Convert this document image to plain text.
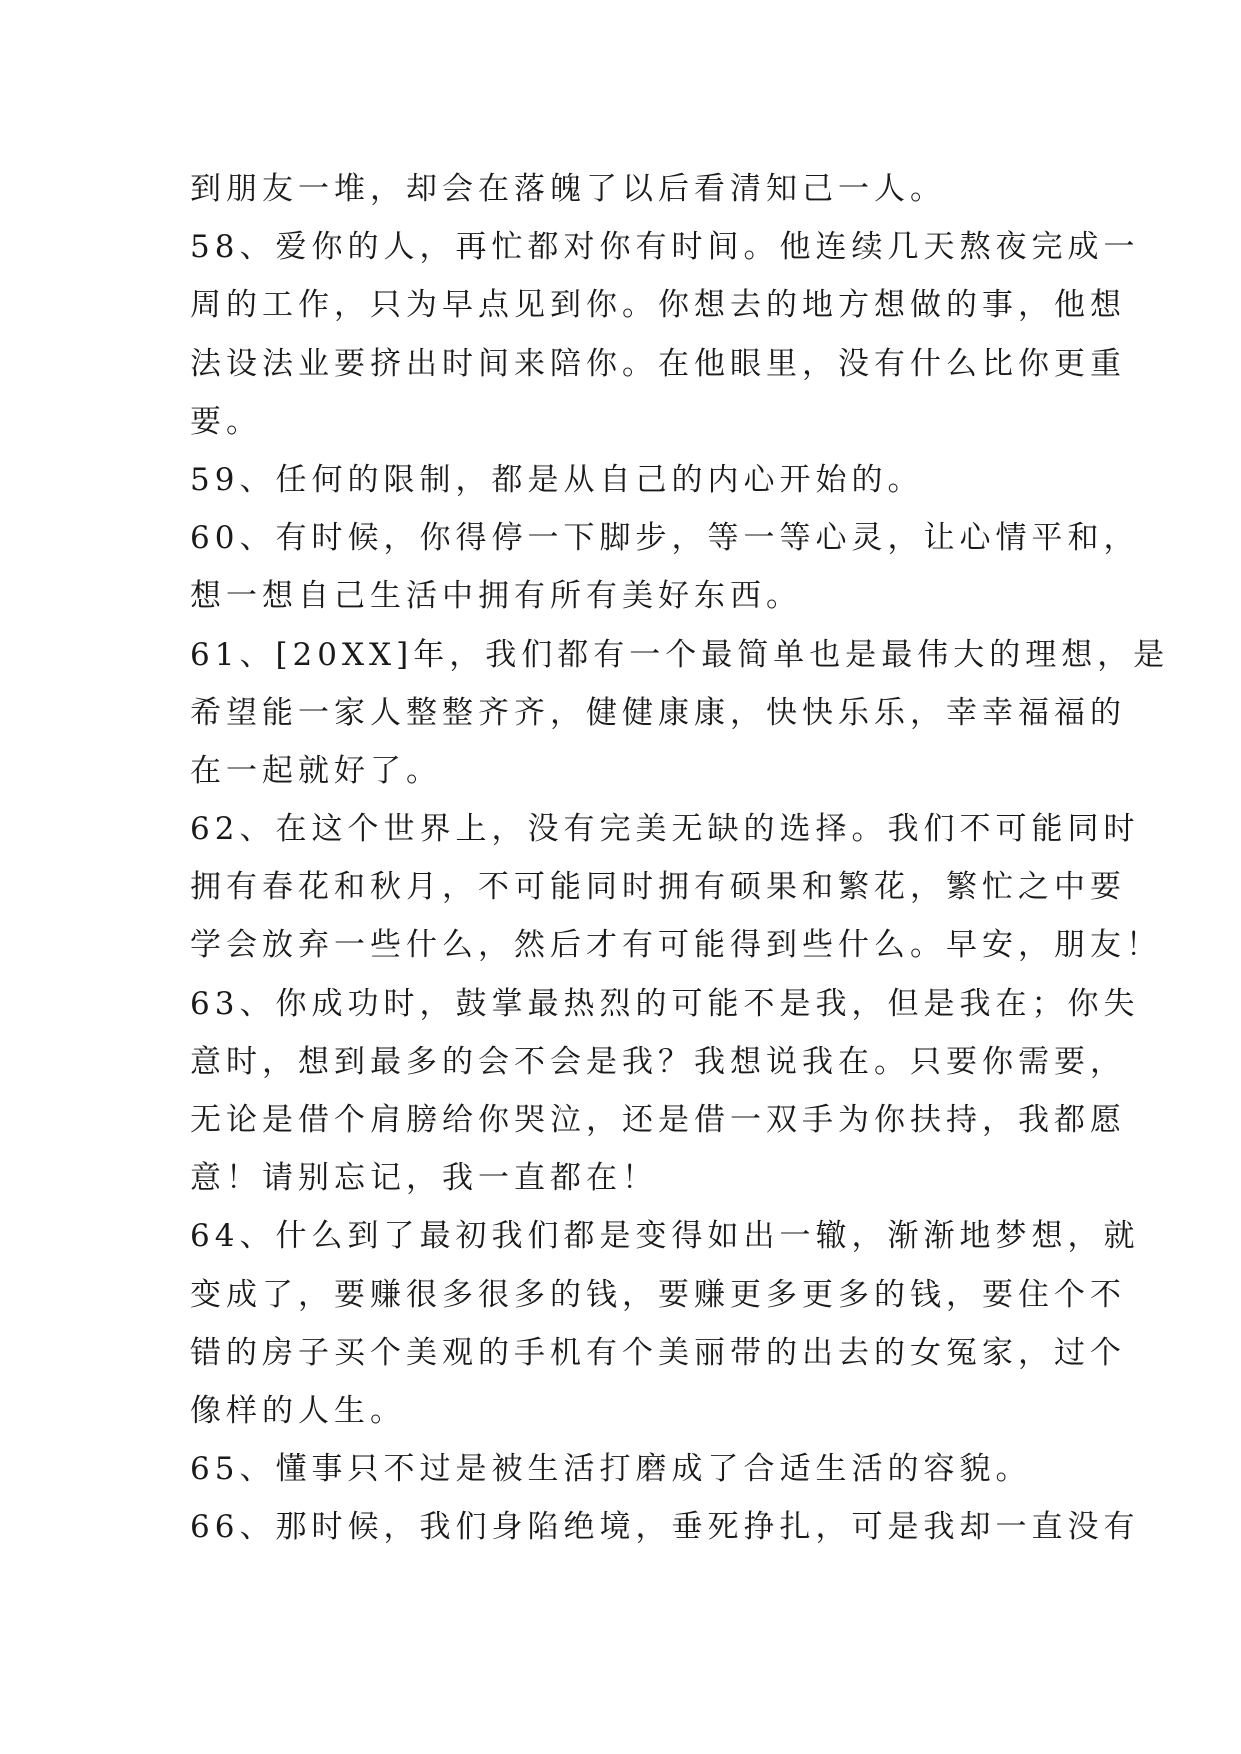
到朋友一堆，却会在落魄了以后看清知己一人。
58、爱你的人，再忙都对你有时间。他连续几天熬夜完成一
周的工作，只为早点见到你。你想去的地方想做的事，他想
法设法业要挤出时间来陪你。在他眼里，没有什么比你更重
要。
59、任何的限制，都是从自己的内心开始的。
60、有时候，你得停一下脚步，等一等心灵，让心情平和，
想一想自己生活中拥有所有美好东西。
61、[20XX]年，我们都有一个最简单也是最伟大的理想，是
希望能一家人整整齐齐，健健康康，快快乐乐，幸幸福福的
在一起就好了。
62、在这个世界上，没有完美无缺的选择。我们不可能同时
拥有春花和秋月，不可能同时拥有硕果和繁花，繁忙之中要
学会放弃一些什么，然后才有可能得到些什么。早安，朋友！
63、你成功时，鼓掌最热烈的可能不是我，但是我在；你失
意时，想到最多的会不会是我？我想说我在。只要你需要，
无论是借个肩膀给你哭泣，还是借一双手为你扶持，我都愿
意！请别忘记，我一直都在！
64、什么到了最初我们都是变得如出一辙，渐渐地梦想，就
变成了，要赚很多很多的钱，要赚更多更多的钱，要住个不
错的房子买个美观的手机有个美丽带的出去的女冤家，过个
像样的人生。
65、懂事只不过是被生活打磨成了合适生活的容貌。
66、那时候，我们身陷绝境，垂死挣扎，可是我却一直没有
